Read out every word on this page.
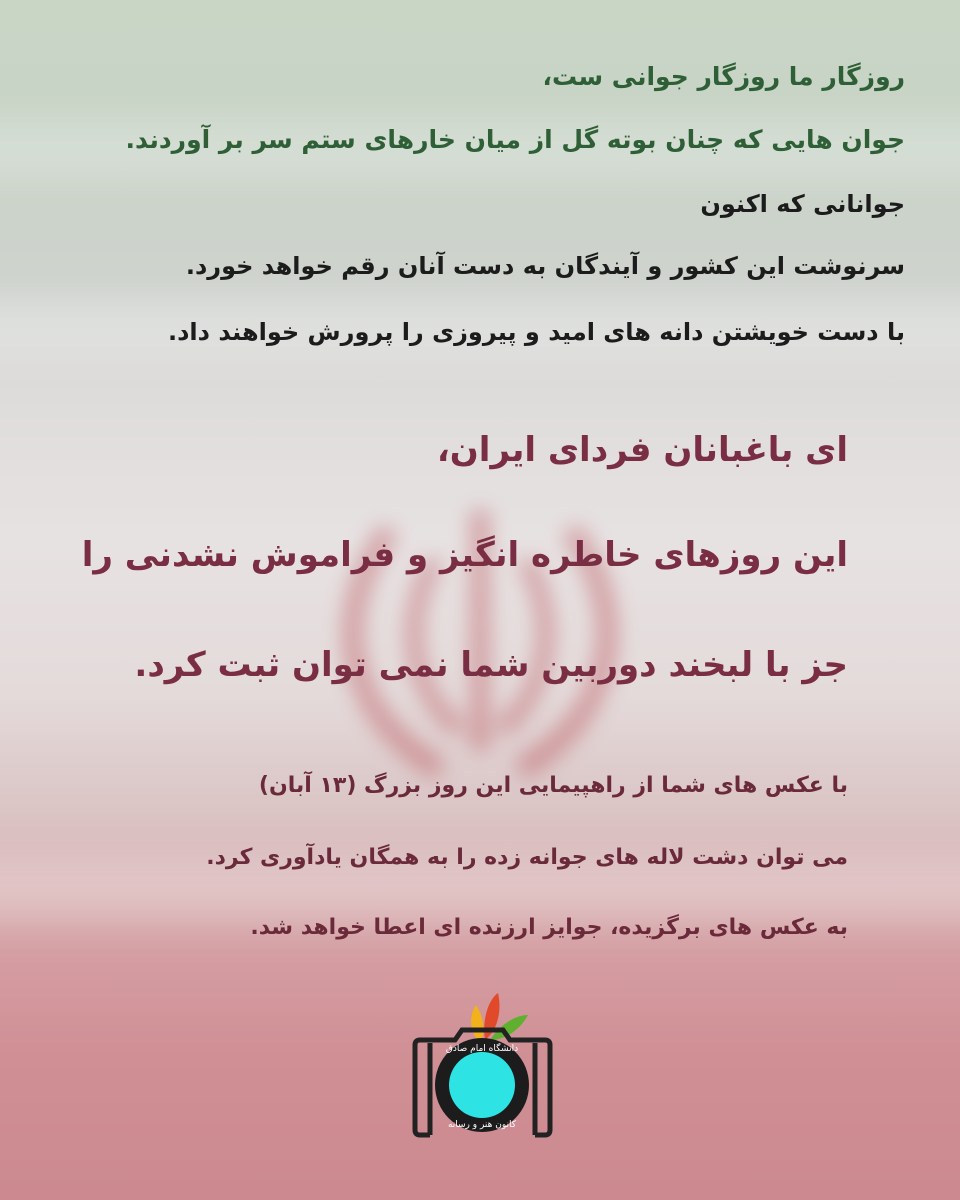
روزگار ما روزگار جوانی ست،
جوان هایی که چنان بوته گل از میان خارهای ستم سر بر آوردند.
جوانانی که اکنون
سرنوشت این کشور و آیندگان به دست آنان رقم خواهد خورد.
با دست خویشتن دانه های امید و پیروزی را پرورش خواهند داد.
ای باغبانان فردای ایران،
این روزهای خاطره انگیز و فراموش نشدنی را
جز با لبخند دوربین شما نمی توان ثبت کرد.
با عکس های شما از راهپیمایی این روز بزرگ (۱۳ آبان)
می توان دشت لاله های جوانه زده را به همگان یادآوری کرد.
به عکس های برگزیده، جوایز ارزنده ای اعطا خواهد شد.
دانشگاه امام صادق
کانون هنر و رسانه
